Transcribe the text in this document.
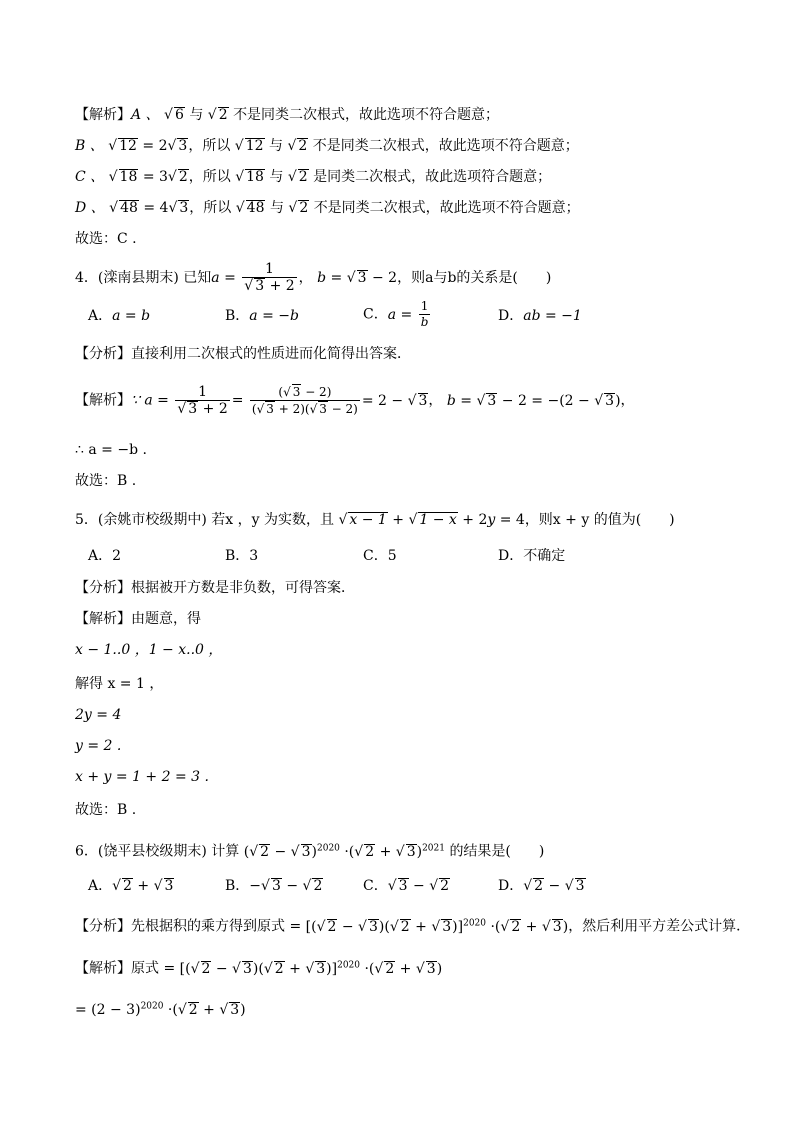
【解析】A 、 √ 6 与 √ 2 不是同类二次根式，故此选项不符合题意；
B 、 √ 12 = 2√ 3，所以 √ 12 与 √ 2 不是同类二次根式，故此选项不符合题意；
C 、 √ 18 = 3√ 2，所以 √ 18 与 √ 2 是同类二次根式，故此选项符合题意；
D 、 √ 48 = 4√ 3，所以 √ 48 与 √ 2 不是同类二次根式，故此选项不符合题意；
故选：C .
4．(滦南县期末) 已知$a = \frac{1}{√ 3 + 2}$ ， b = √ 3 − 2，则a与b的关系是(　　)
A．a = b	B．a = −b	C．$a = \frac{1}{b}$	D．ab = −1
【分析】直接利用二次根式的性质进而化简得出答案．
【解析】∵ $a = \frac{1}{√ 3 + 2} = \frac{(√ 3 - 2)}{(√ 3 + 2)(√ 3 - 2)} = 2$ − √ 3， b = √ 3 − 2 = −(2 − √ 3)，
∴ a = −b .
故选：B .
5．(余姚市校级期中) 若x ，y 为实数，且 √ x − 1 + √ 1 − x + 2y = 4，则x + y 的值为(　　)
A．2	B．3	C．5	D．不确定
【分析】根据被开方数是非负数，可得答案．
【解析】由题意，得
x − 1..0 ，1 − x..0 ，
解得 x = 1 ，
2y = 4
y = 2 .
x + y = 1 + 2 = 3 .
故选：B .
6．(饶平县校级期末) 计算 (√ 2 − √ 3)$^{2020}$ ·(√ 2 + √ 3)$^{2021}$ 的结果是(　　)
A．√ 2 + √ 3	B．−√ 3 − √ 2	C．√ 3 − √ 2	D．√ 2 − √ 3
【分析】先根据积的乘方得到原式 = [(√ 2 − √ 3)(√ 2 + √ 3)]$^{2020}$ ·(√ 2 + √ 3)，然后利用平方差公式计算．
【解析】原式 = [(√ 2 − √ 3)(√ 2 + √ 3)]$^{2020}$ ·(√ 2 + √ 3)
= $(2 - 3)^{2020}$ ·(√ 2 + √ 3)
